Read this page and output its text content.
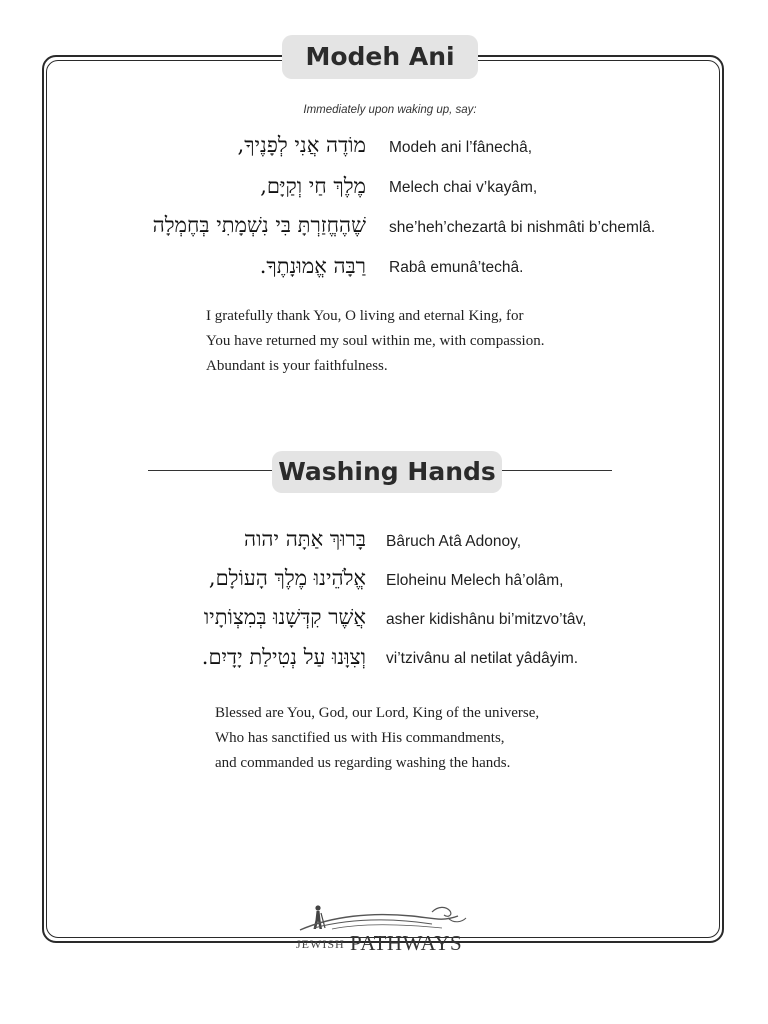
Modeh Ani
Immediately upon waking up, say:
מוֹדֶה אֲנִי לְפָנֶיךָ,
מֶלֶךְ חַי וְקַיָּם,
שֶׁהֶחֱזַרְתָּ בִּי נִשְׁמָתִי בְּחֶמְלָה
רַבָּה אֱמוּנָתֶךָ.
Modeh ani l’fânechâ,
Melech chai v’kayâm,
she’heh’chezartâ bi nishmâti b’chemlâ.
Rabâ emunâ’techâ.
I gratefully thank You, O living and eternal King, for
You have returned my soul within me, with compassion.
Abundant is your faithfulness.
Washing Hands
בָּרוּךְ אַתָּה יהוה
אֱלֹהֵינוּ מֶלֶךְ הָעוֹלָם,
אֲשֶׁר קִדְּשָׁנוּ בְּמִצְוֹתָיו
וְצִוָּנוּ עַל נְטִילַת יָדָיִם.
Bâruch Atâ Adonoy,
Eloheinu Melech hâ’olâm,
asher kidishânu bi’mitzvo’tâv,
vi’tzivânu al netilat yâdâyim.
Blessed are You, God, our Lord, King of the universe,
Who has sanctified us with His commandments,
and commanded us regarding washing the hands.
JEWISH PATHWAYS
